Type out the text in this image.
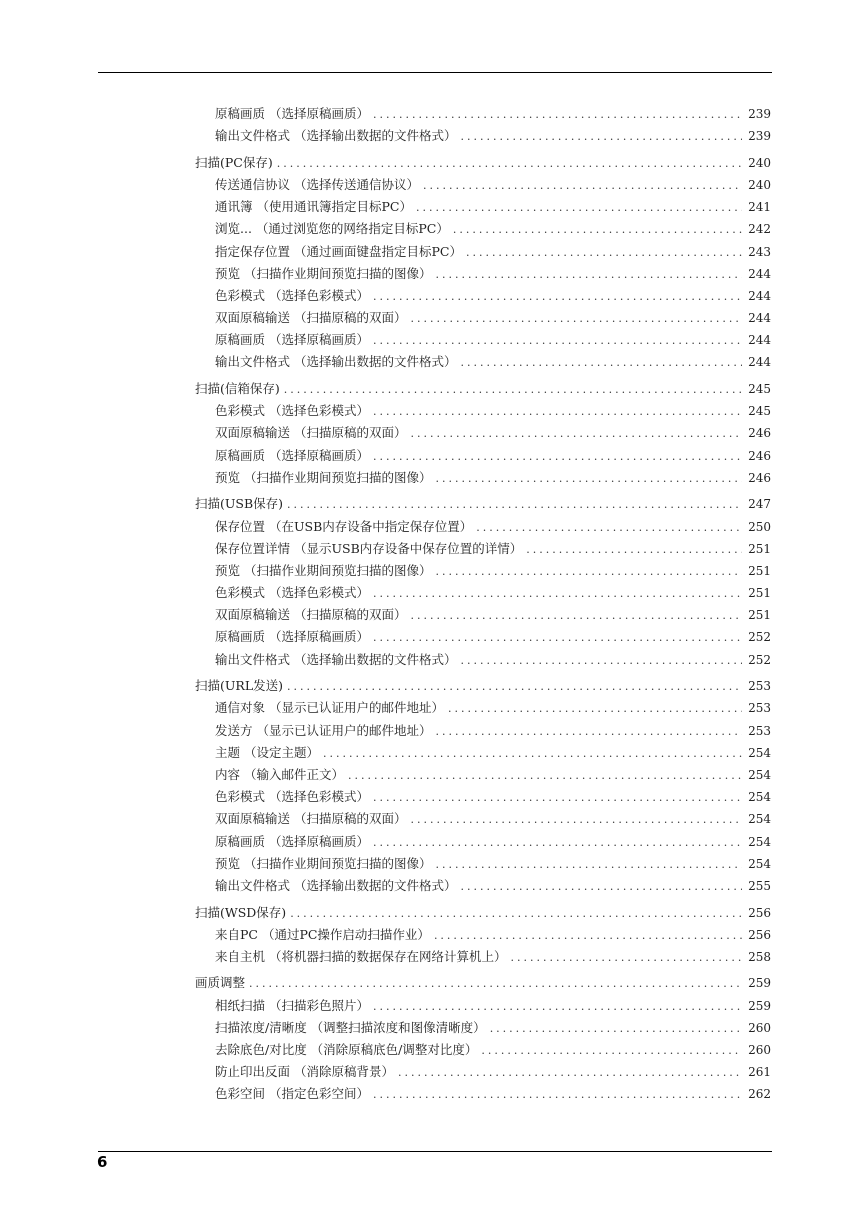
原稿画质 （选择原稿画质） .....	239
输出文件格式 （选择输出数据的文件格式） .....	239
扫描(PC保存) .....	240
传送通信协议 （选择传送通信协议） .....	240
通讯簿 （使用通讯簿指定目标PC） .....	241
浏览... （通过浏览您的网络指定目标PC） .....	242
指定保存位置 （通过画面键盘指定目标PC） .....	243
预览 （扫描作业期间预览扫描的图像） .....	244
色彩模式 （选择色彩模式） .....	244
双面原稿输送 （扫描原稿的双面） .....	244
原稿画质 （选择原稿画质） .....	244
输出文件格式 （选择输出数据的文件格式） .....	244
扫描(信箱保存) .....	245
色彩模式 （选择色彩模式） .....	245
双面原稿输送 （扫描原稿的双面） .....	246
原稿画质 （选择原稿画质） .....	246
预览 （扫描作业期间预览扫描的图像） .....	246
扫描(USB保存) .....	247
保存位置 （在USB内存设备中指定保存位置） .....	250
保存位置详情 （显示USB内存设备中保存位置的详情） .....	251
预览 （扫描作业期间预览扫描的图像） .....	251
色彩模式 （选择色彩模式） .....	251
双面原稿输送 （扫描原稿的双面） .....	251
原稿画质 （选择原稿画质） .....	252
输出文件格式 （选择输出数据的文件格式） .....	252
扫描(URL发送) .....	253
通信对象 （显示已认证用户的邮件地址） .....	253
发送方 （显示已认证用户的邮件地址） .....	253
主题 （设定主题） .....	254
内容 （输入邮件正文） .....	254
色彩模式 （选择色彩模式） .....	254
双面原稿输送 （扫描原稿的双面） .....	254
原稿画质 （选择原稿画质） .....	254
预览 （扫描作业期间预览扫描的图像） .....	254
输出文件格式 （选择输出数据的文件格式） .....	255
扫描(WSD保存) .....	256
来自PC （通过PC操作启动扫描作业） .....	256
来自主机 （将机器扫描的数据保存在网络计算机上） .....	258
画质调整 .....	259
相纸扫描 （扫描彩色照片） .....	259
扫描浓度/清晰度 （调整扫描浓度和图像清晰度） .....	260
去除底色/对比度 （消除原稿底色/调整对比度） .....	260
防止印出反面 （消除原稿背景） .....	261
色彩空间 （指定色彩空间） .....	262
6
